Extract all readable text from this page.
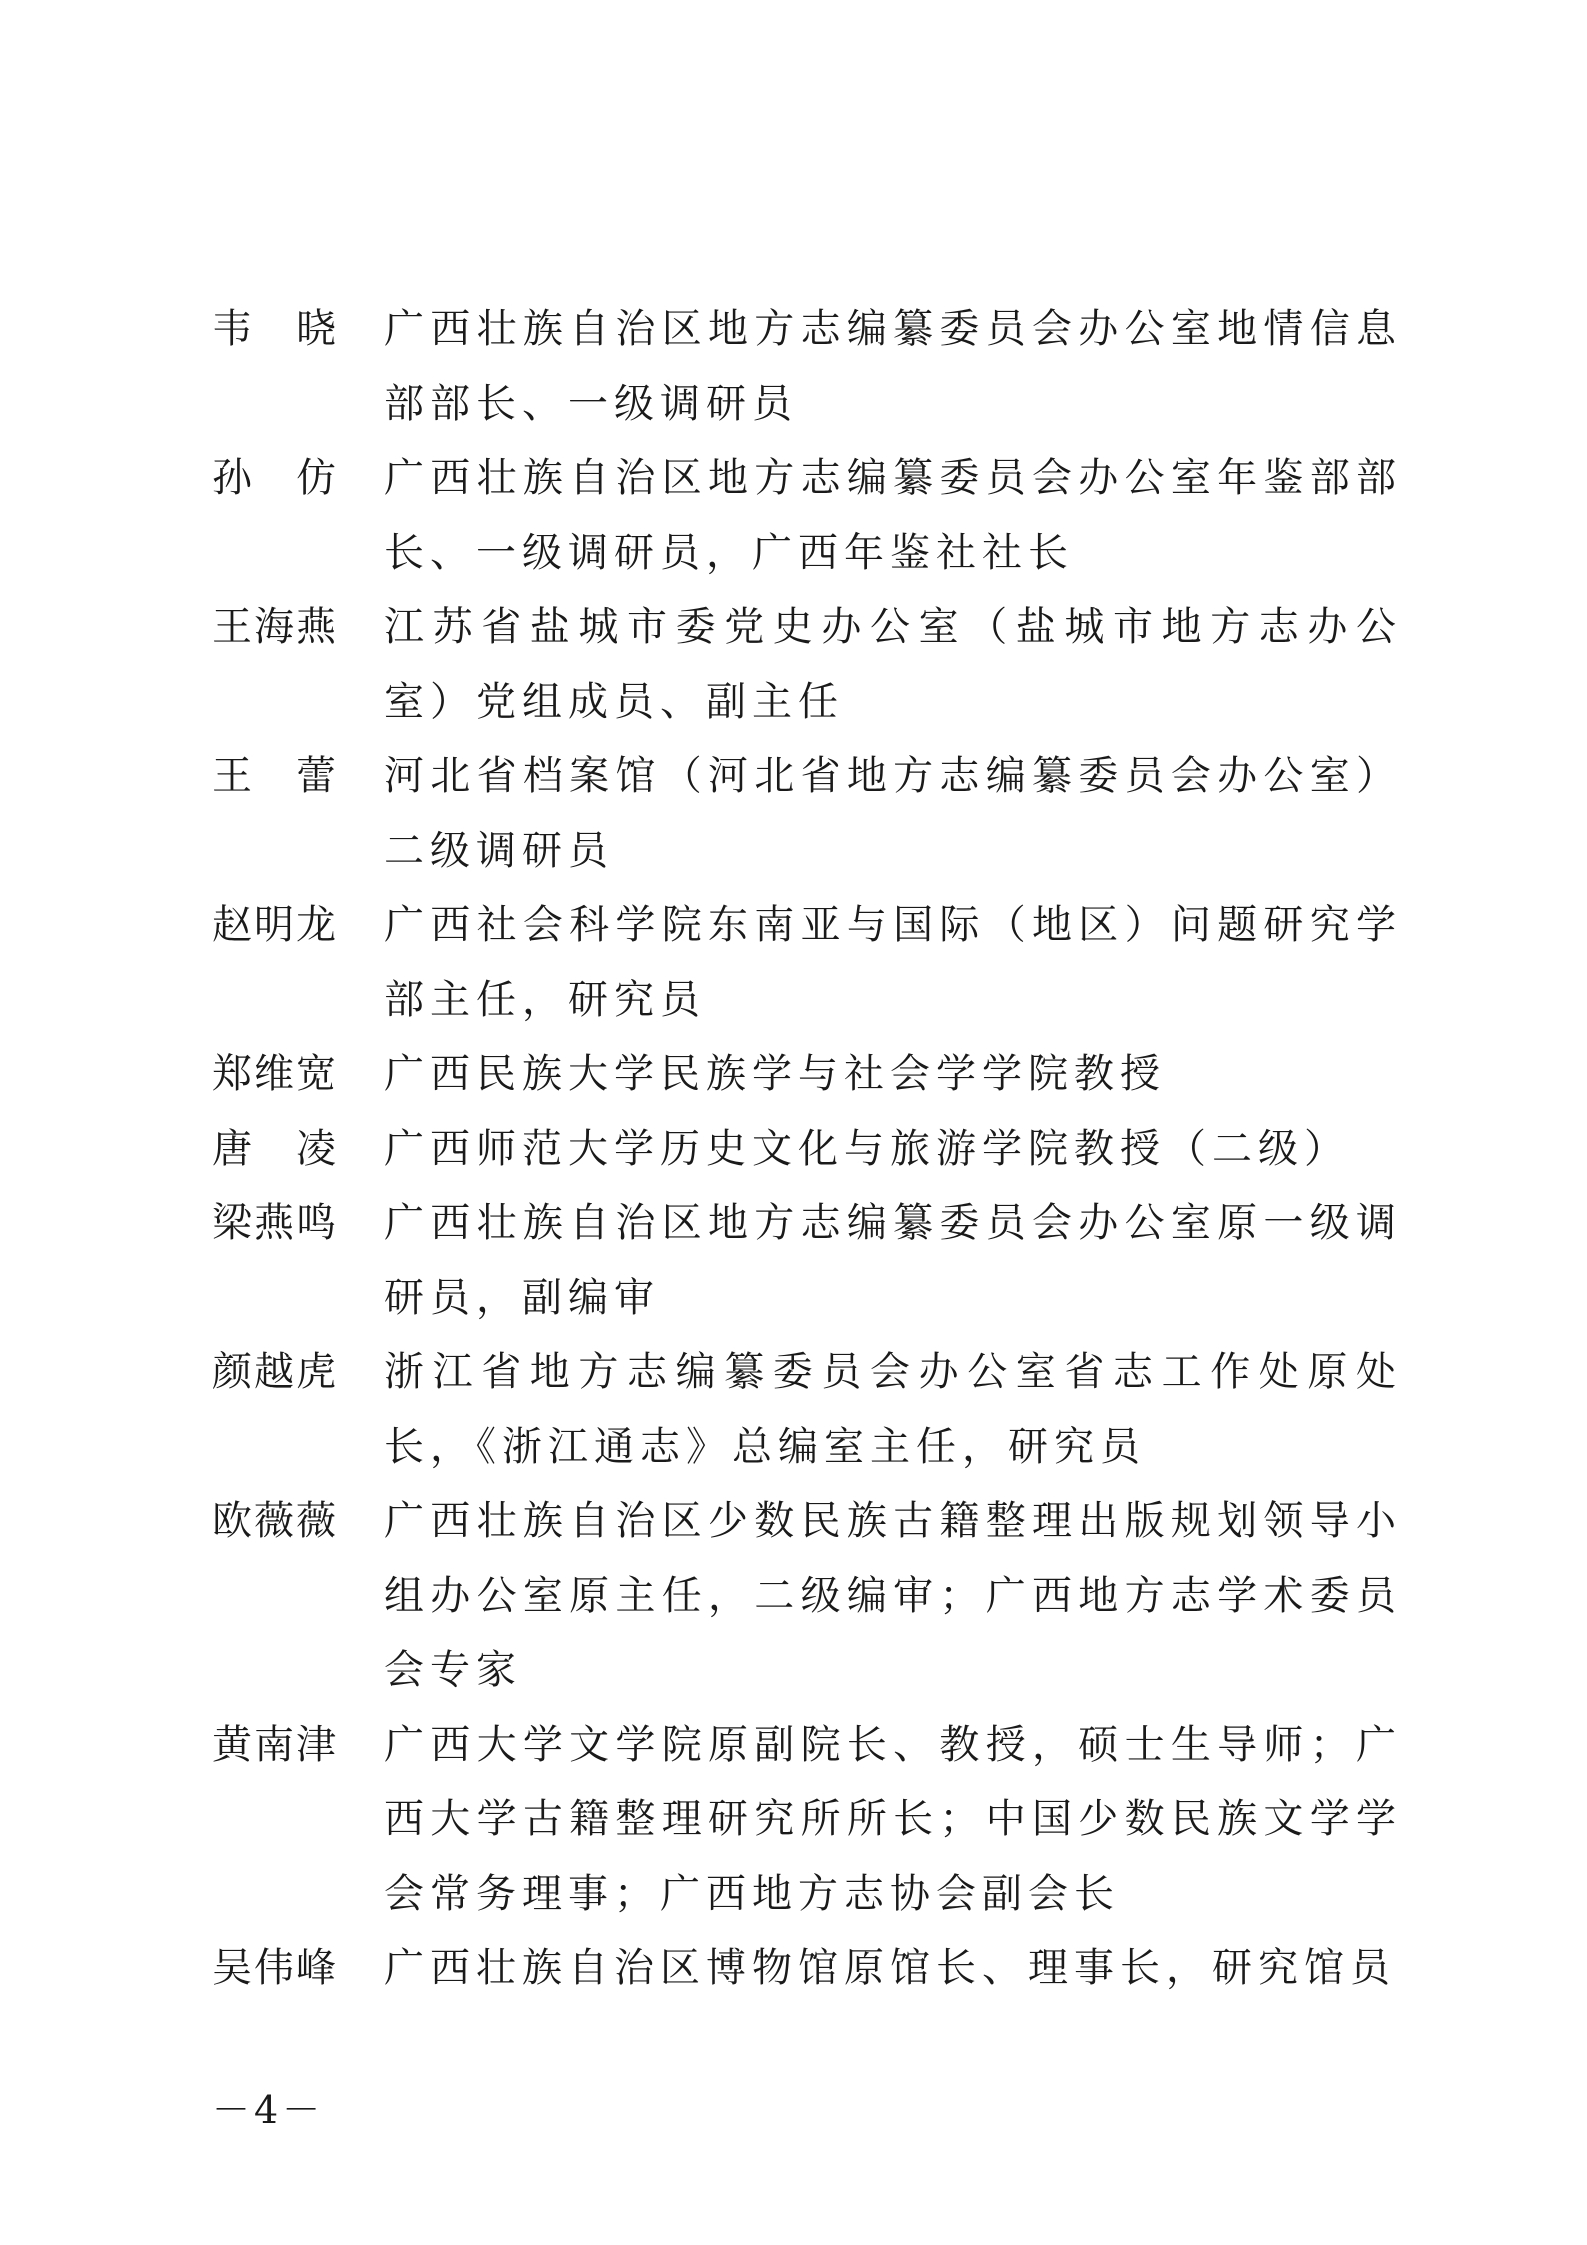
韦　晓	广西壮族自治区地方志编纂委员会办公室地情信息部部长、一级调研员
孙　仿	广西壮族自治区地方志编纂委员会办公室年鉴部部长、一级调研员，广西年鉴社社长
王海燕	江苏省盐城市委党史办公室（盐城市地方志办公室）党组成员、副主任
王　蕾	河北省档案馆（河北省地方志编纂委员会办公室）二级调研员
赵明龙	广西社会科学院东南亚与国际（地区）问题研究学部主任，研究员
郑维宽	广西民族大学民族学与社会学学院教授
唐　凌	广西师范大学历史文化与旅游学院教授（二级）
梁燕鸣	广西壮族自治区地方志编纂委员会办公室原一级调研员，副编审
颜越虎	浙江省地方志编纂委员会办公室省志工作处原处长，《浙江通志》总编室主任，研究员
欧薇薇	广西壮族自治区少数民族古籍整理出版规划领导小组办公室原主任，二级编审；广西地方志学术委员会专家
黄南津	广西大学文学院原副院长、教授，硕士生导师；广西大学古籍整理研究所所长；中国少数民族文学学会常务理事；广西地方志协会副会长
吴伟峰	广西壮族自治区博物馆原馆长、理事长，研究馆员
－4－
